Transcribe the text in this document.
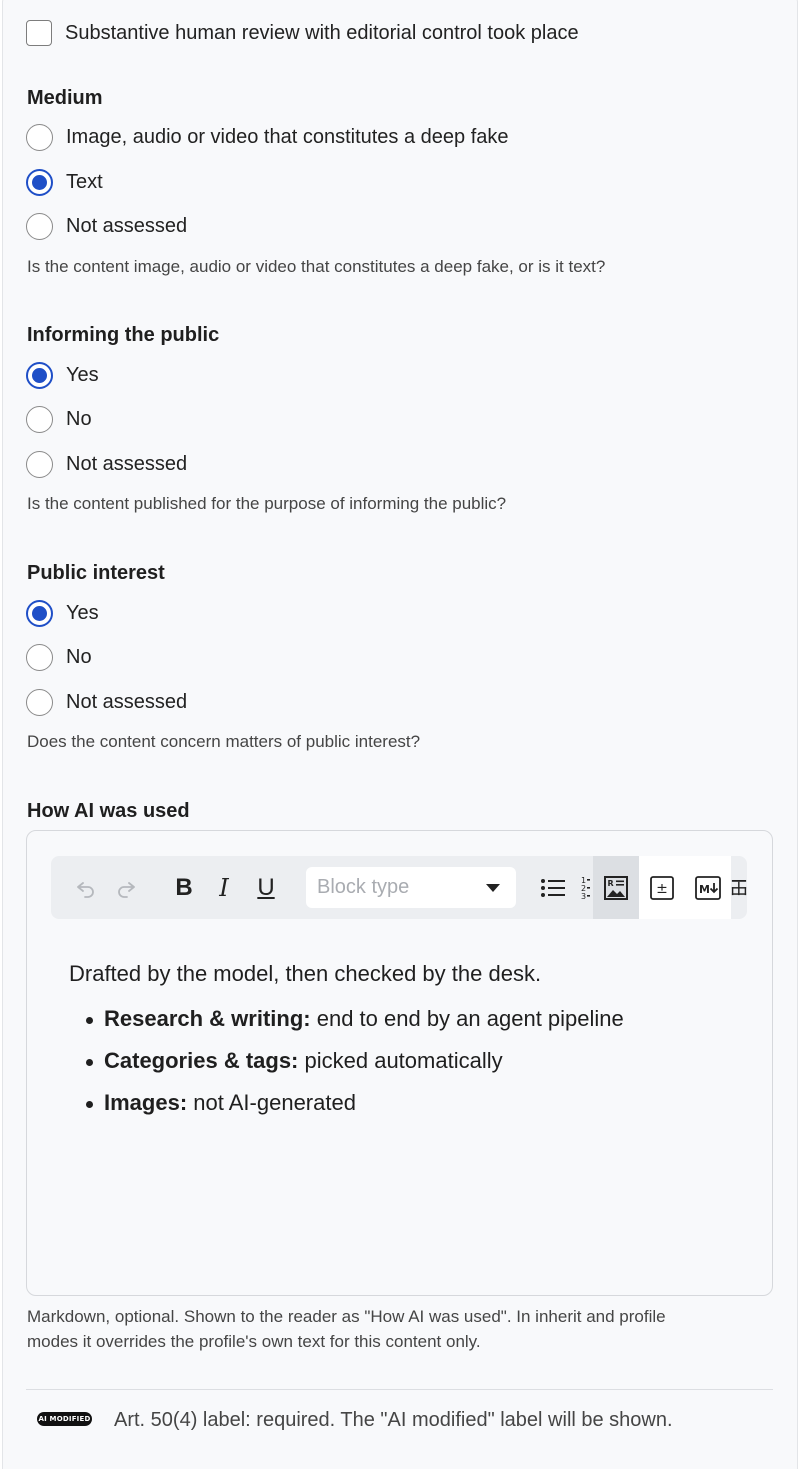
Substantive human review with editorial control took place
Medium
Image, audio or video that constitutes a deep fake
Text
Not assessed
Is the content image, audio or video that constitutes a deep fake, or is it text?
Informing the public
Yes
No
Not assessed
Is the content published for the purpose of informing the public?
Public interest
Yes
No
Not assessed
Does the content concern matters of public interest?
How AI was used
B	I	U	Block type	1
2
3
R	±	M

Drafted by the model, then checked by the desk.

Research & writing: end to end by an agent pipeline
Categories & tags: picked automatically
Images: not AI-generated
Markdown, optional. Shown to the reader as "How AI was used". In inherit and profile
modes it overrides the profile's own text for this content only.
AI MODIFIED Art. 50(4) label: required. The "AI modified" label will be shown.
